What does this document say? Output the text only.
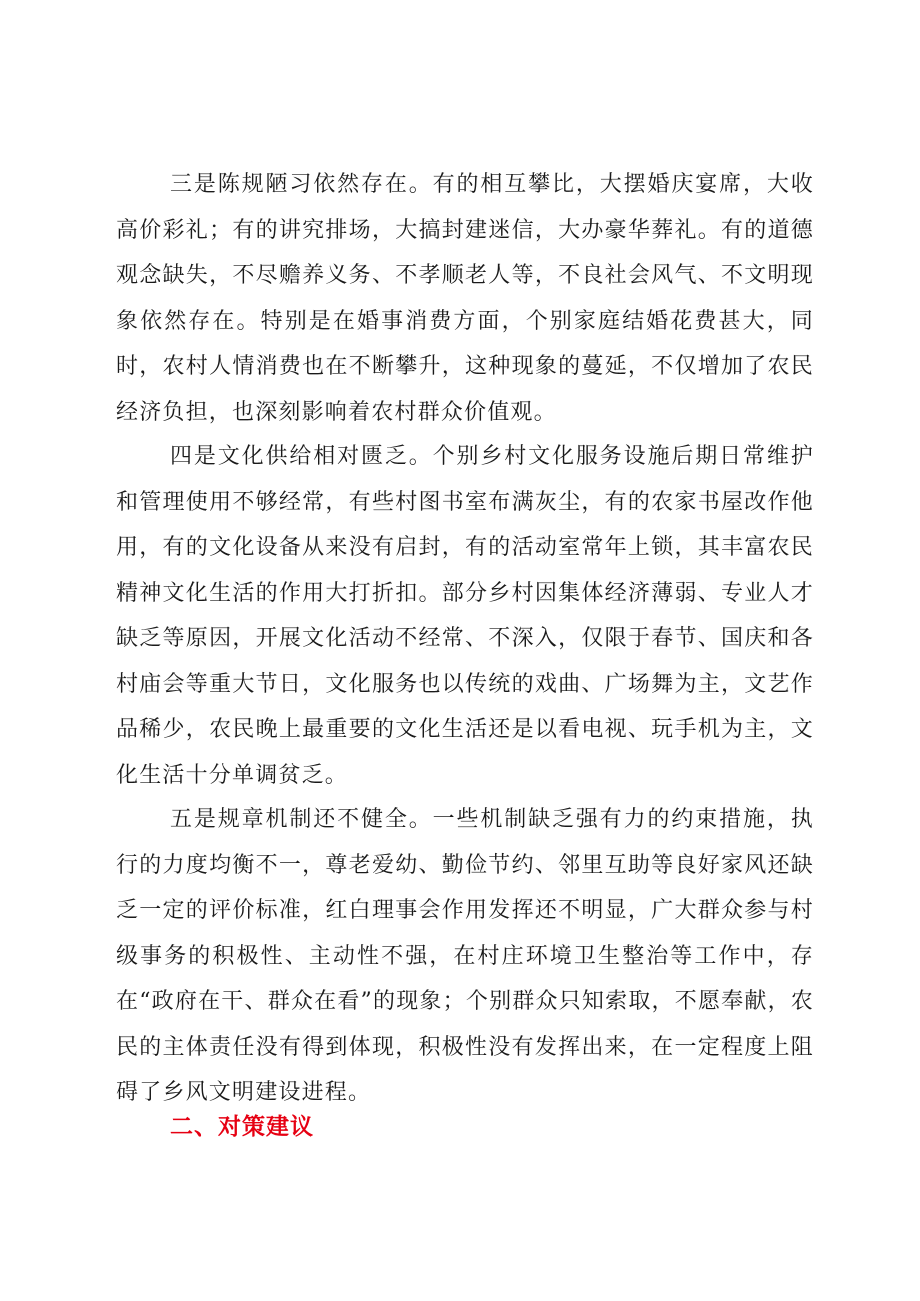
三是陈规陋习依然存在。有的相互攀比，大摆婚庆宴席，大收高价彩礼；有的讲究排场，大搞封建迷信，大办豪华葬礼。有的道德观念缺失，不尽赡养义务、不孝顺老人等，不良社会风气、不文明现象依然存在。特别是在婚事消费方面，个别家庭结婚花费甚大，同时，农村人情消费也在不断攀升，这种现象的蔓延，不仅增加了农民经济负担，也深刻影响着农村群众价值观。

四是文化供给相对匮乏。个别乡村文化服务设施后期日常维护和管理使用不够经常，有些村图书室布满灰尘，有的农家书屋改作他用，有的文化设备从来没有启封，有的活动室常年上锁，其丰富农民精神文化生活的作用大打折扣。部分乡村因集体经济薄弱、专业人才缺乏等原因，开展文化活动不经常、不深入，仅限于春节、国庆和各村庙会等重大节日，文化服务也以传统的戏曲、广场舞为主，文艺作品稀少，农民晚上最重要的文化生活还是以看电视、玩手机为主，文化生活十分单调贫乏。

五是规章机制还不健全。一些机制缺乏强有力的约束措施，执行的力度均衡不一，尊老爱幼、勤俭节约、邻里互助等良好家风还缺乏一定的评价标准，红白理事会作用发挥还不明显，广大群众参与村级事务的积极性、主动性不强，在村庄环境卫生整治等工作中，存在“政府在干、群众在看”的现象；个别群众只知索取，不愿奉献，农民的主体责任没有得到体现，积极性没有发挥出来，在一定程度上阻碍了乡风文明建设进程。

二、对策建议
